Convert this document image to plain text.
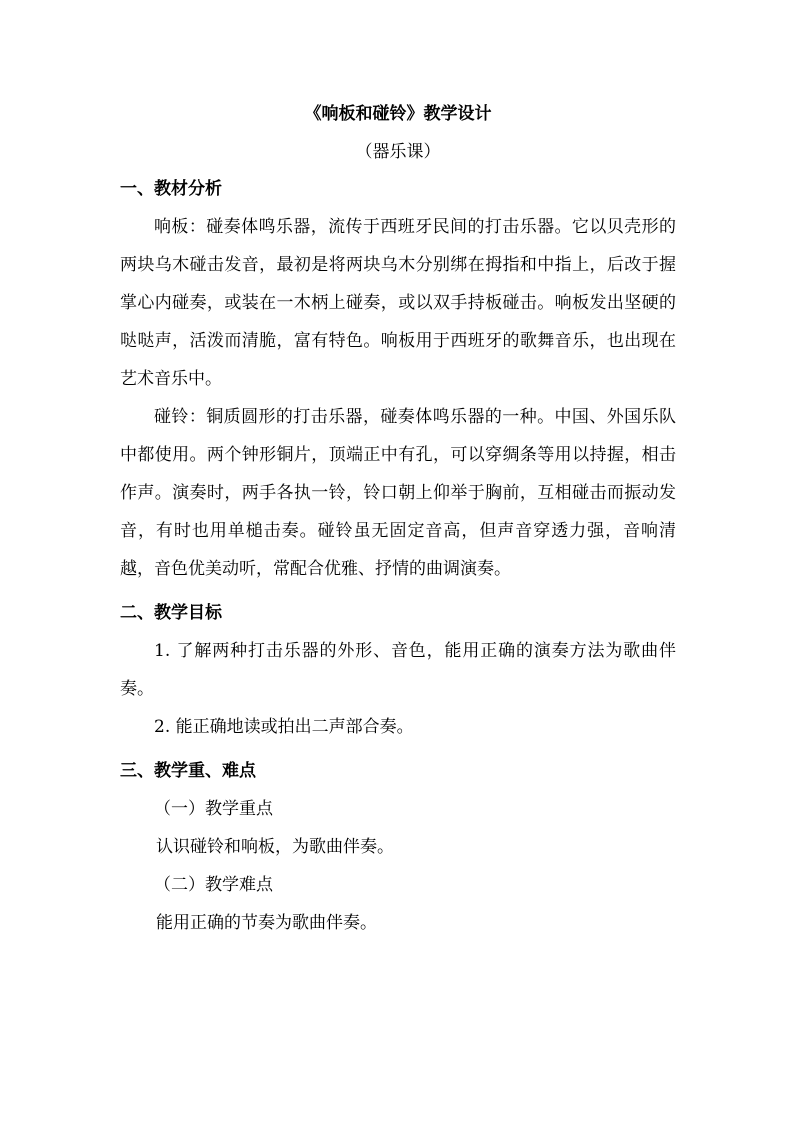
《响板和碰铃》教学设计

（器乐课）

一、教材分析

响板：碰奏体鸣乐器，流传于西班牙民间的打击乐器。它以贝壳形的两块乌木碰击发音，最初是将两块乌木分别绑在拇指和中指上，后改于握掌心内碰奏，或装在一木柄上碰奏，或以双手持板碰击。响板发出坚硬的哒哒声，活泼而清脆，富有特色。响板用于西班牙的歌舞音乐，也出现在艺术音乐中。

碰铃：铜质圆形的打击乐器，碰奏体鸣乐器的一种。中国、外国乐队中都使用。两个钟形铜片，顶端正中有孔，可以穿绸条等用以持握，相击作声。演奏时，两手各执一铃，铃口朝上仰举于胸前，互相碰击而振动发音，有时也用单槌击奏。碰铃虽无固定音高，但声音穿透力强，音响清越，音色优美动听，常配合优雅、抒情的曲调演奏。

二、教学目标

1. 了解两种打击乐器的外形、音色，能用正确的演奏方法为歌曲伴奏。

2. 能正确地读或拍出二声部合奏。

三、教学重、难点

（一）教学重点

认识碰铃和响板，为歌曲伴奏。

（二）教学难点

能用正确的节奏为歌曲伴奏。
